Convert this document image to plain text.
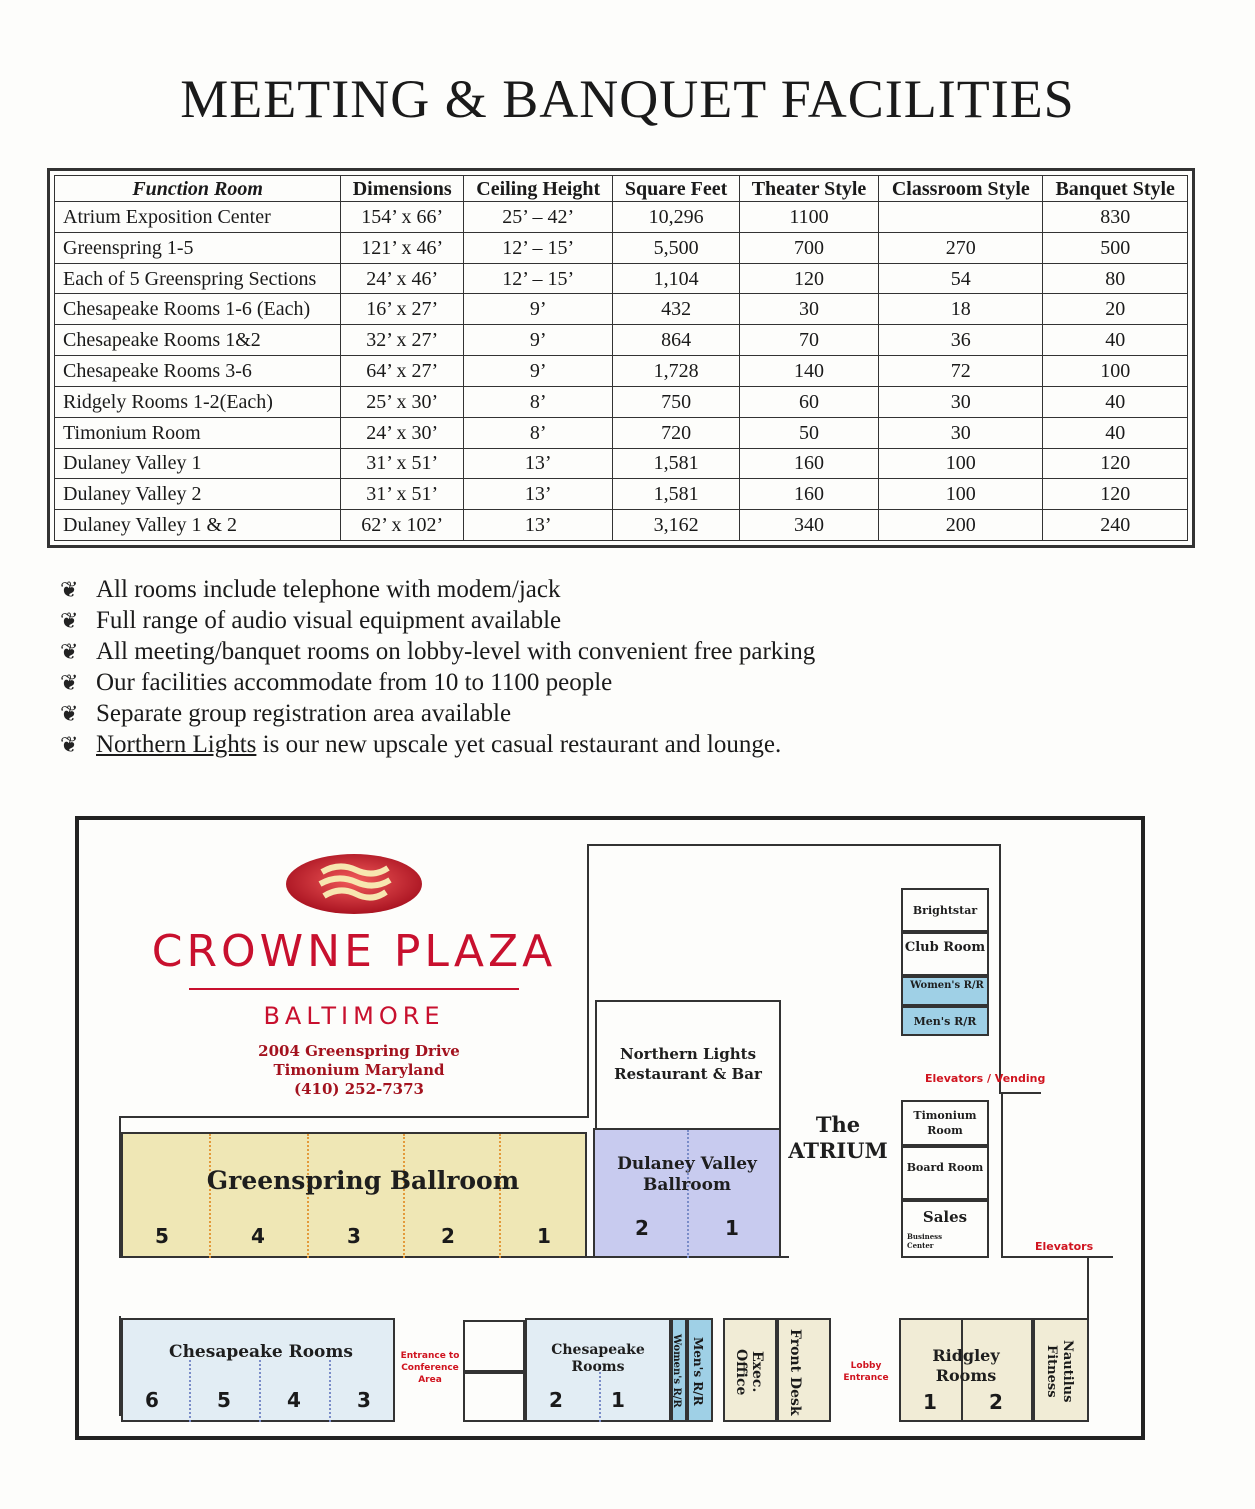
MEETING & BANQUET FACILITIES
Function Room	Dimensions	Ceiling Height	Square Feet	Theater Style	Classroom Style	Banquet Style
Atrium Exposition Center	154’ x 66’	25’ – 42’	10,296	1100		830
Greenspring 1-5	121’ x 46’	12’ – 15’	5,500	700	270	500
Each of 5 Greenspring Sections	24’ x 46’	12’ – 15’	1,104	120	54	80
Chesapeake Rooms 1-6 (Each)	16’ x 27’	9’	432	30	18	20
Chesapeake Rooms 1&2	32’ x 27’	9’	864	70	36	40
Chesapeake Rooms 3-6	64’ x 27’	9’	1,728	140	72	100
Ridgely Rooms 1-2(Each)	25’ x 30’	8’	750	60	30	40
Timonium Room	24’ x 30’	8’	720	50	30	40
Dulaney Valley 1	31’ x 51’	13’	1,581	160	100	120
Dulaney Valley 2	31’ x 51’	13’	1,581	160	100	120
Dulaney Valley 1 & 2	62’ x 102’	13’	3,162	340	200	240
❦ All rooms include telephone with modem/jack
❦ Full range of audio visual equipment available
❦ All meeting/banquet rooms on lobby-level with convenient free parking
❦ Our facilities accommodate from 10 to 1100 people
❦ Separate group registration area available
❦ Northern Lights is our new upscale yet casual restaurant and lounge.
CROWNE PLAZA
BALTIMORE
2004 Greenspring Drive
Timonium Maryland
(410) 252-7373
Greenspring Ballroom
5	4	3	2	1
Northern Lights Restaurant & Bar
Dulaney Valley Ballroom
2	1
The
ATRIUM
Brightstar
Club Room
Women's R/R
Men's R/R
Elevators / Vending
Timonium Room
Board Room
Sales
Business Center	Elevators
Chesapeake Rooms
6	5	4	3
Entrance to Conference Area
Chesapeake Rooms
2 1	Women's R/R Men's R/R	Exec. Office	Front Desk	Lobby Entrance
Ridgley Rooms
1	2	Nautilus Fitness
